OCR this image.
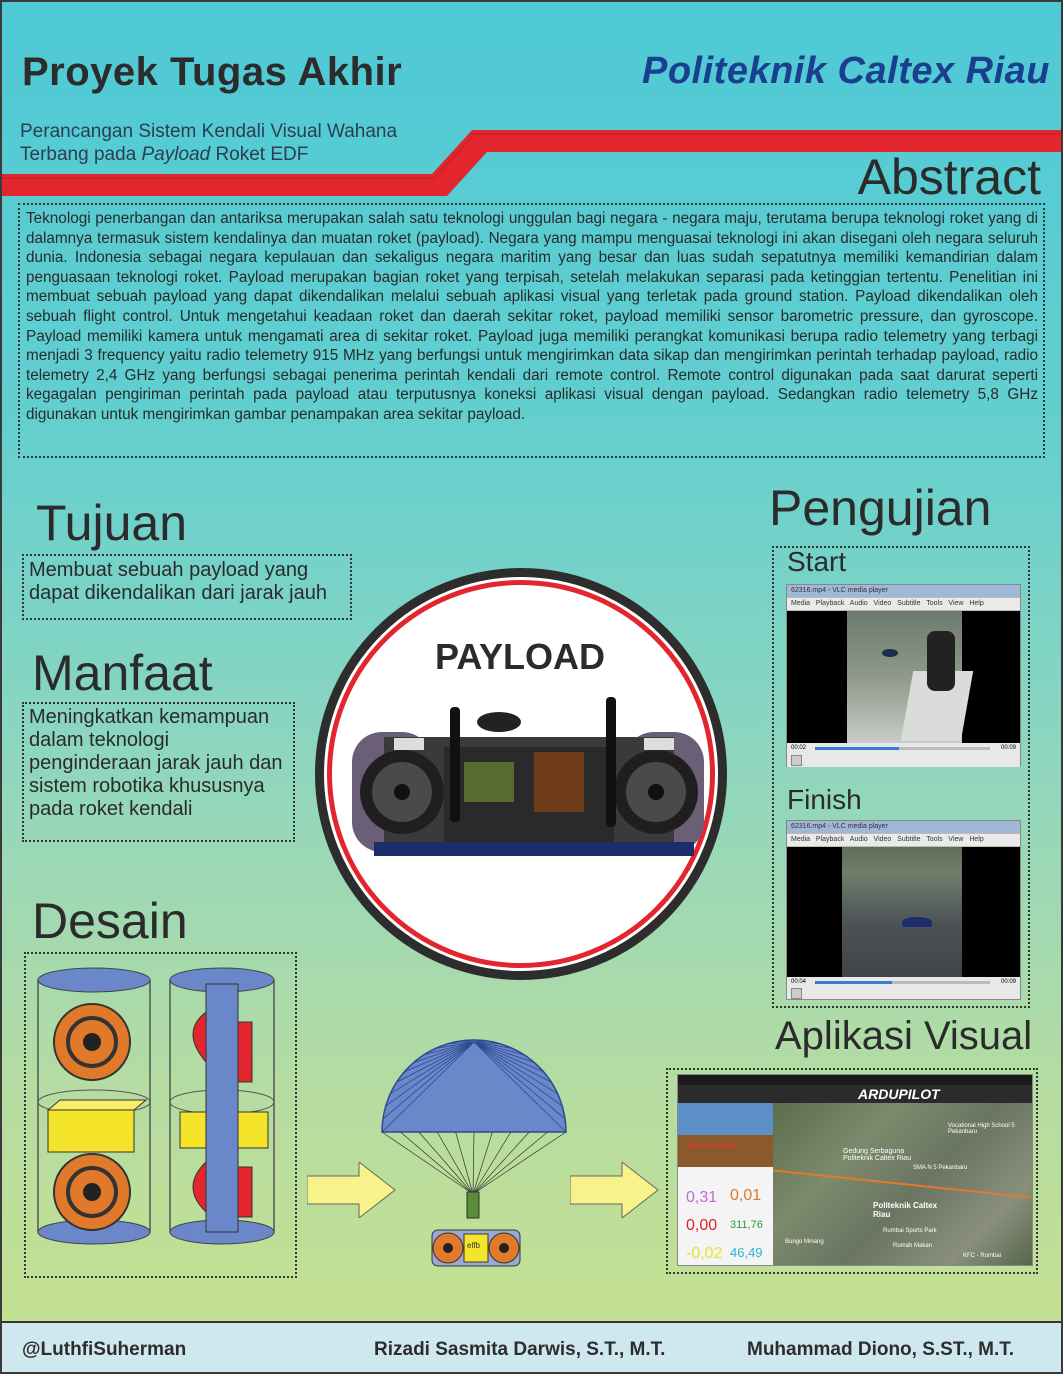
Proyek Tugas Akhir	Politeknik Caltex Riau
Perancangan Sistem Kendali Visual Wahana
Terbang pada Payload Roket EDF	Abstract
Teknologi penerbangan dan antariksa merupakan salah satu teknologi unggulan bagi negara - negara maju, terutama berupa teknologi roket yang di dalamnya termasuk sistem kendalinya dan muatan roket (payload). Negara yang mampu menguasai teknologi ini akan disegani oleh negara seluruh dunia. Indonesia sebagai negara kepulauan dan sekaligus negara maritim yang besar dan luas sudah sepatutnya memiliki kemandirian dalam penguasaan teknologi roket. Payload merupakan bagian roket yang terpisah, setelah melakukan separasi pada ketinggian tertentu. Penelitian ini membuat sebuah payload yang dapat dikendalikan melalui sebuah aplikasi visual yang terletak pada ground station. Payload dikendalikan oleh sebuah flight control. Untuk mengetahui keadaan roket dan daerah sekitar roket, payload memiliki sensor barometric pressure, dan gyroscope. Payload memiliki kamera untuk mengamati area di sekitar roket. Payload juga memiliki perangkat komunikasi berupa radio telemetry yang terbagi menjadi 3 frequency yaitu radio telemetry 915 MHz yang berfungsi untuk mengirimkan data sikap dan mengirimkan perintah terhadap payload, radio telemetry 2,4 GHz yang berfungsi sebagai penerima perintah kendali dari remote control. Remote control digunakan pada saat darurat seperti kegagalan pengiriman perintah pada payload atau terputusnya koneksi aplikasi visual dengan payload. Sedangkan radio telemetry 5,8 GHz digunakan untuk mengirimkan gambar penampakan area sekitar payload.
Tujuan
Membuat sebuah payload yang dapat dikendalikan dari jarak jauh
Manfaat
Meningkatkan kemampuan dalam teknologi penginderaan jarak jauh dan sistem robotika khususnya pada roket kendali
PAYLOAD
Desain
elfb
Pengujian
Start
Finish
62316.mp4 - VLC media player
Media Playback Audio Video Subtitle Tools View Help
00:02	00:09
62316.mp4 - VLC media player
Media Playback Audio Video Subtitle Tools View Help
00:04	00:09
Aplikasi Visual
ARDUPILOT
Bad Gyro Health
0,31 0,01
0,00 311,76
-0,02 46,49
Gedung Serbaguna Politeknik Caltex Riau
SMA N 5 Pekanbaru
Politeknik Caltex Riau
Rumbai Sports Park
Rumah Makan
Bungo Minang
KFC - Rumbai
Vocational High School 5 Pekanbaru
@LuthfiSuherman	Rizadi Sasmita Darwis, S.T., M.T.	Muhammad Diono, S.ST., M.T.
